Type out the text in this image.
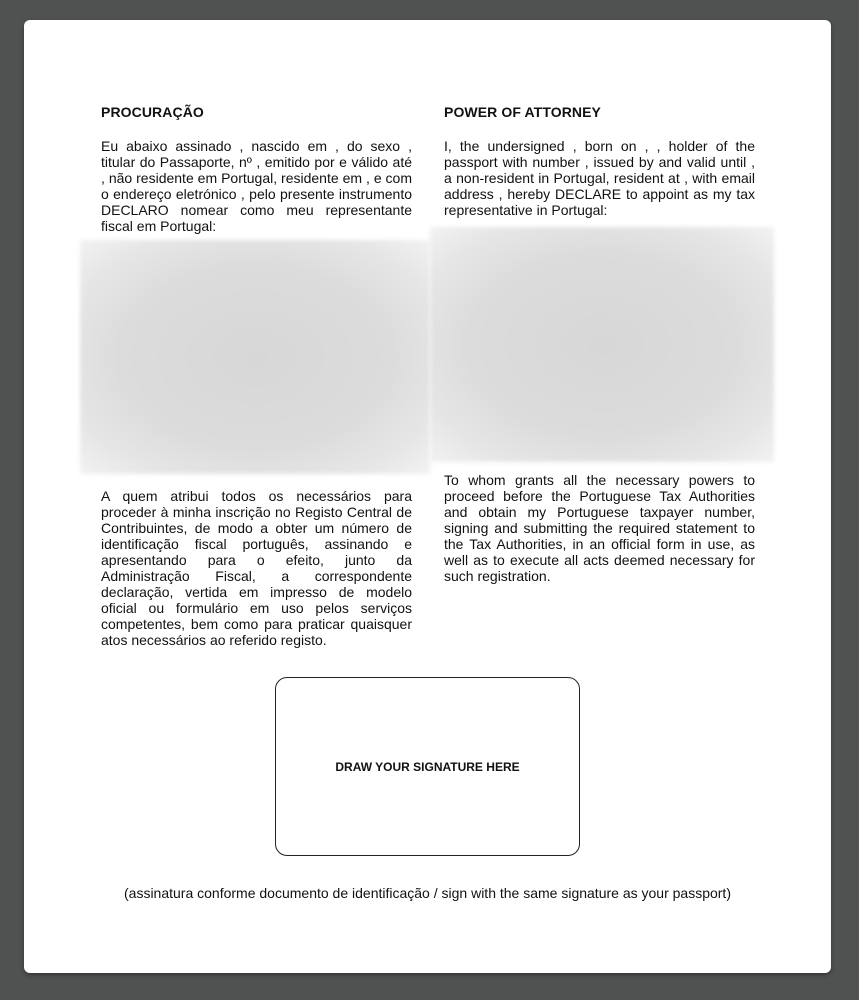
PROCURAÇÃO

Eu abaixo assinado , nascido em , do sexo , titular do Passaporte, nº , emitido por e válido até , não residente em Portugal, residente em , e com o endereço eletrónico , pelo presente instrumento DECLARO nomear como meu representante fiscal em Portugal:

POWER OF ATTORNEY

I, the undersigned , born on , , holder of the passport with number , issued by and valid until , a non-resident in Portugal, resident at , with email address , hereby DECLARE to appoint as my tax representative in Portugal:

A quem atribui todos os necessários para proceder à minha inscrição no Registo Central de Contribuintes, de modo a obter um número de identificação fiscal português, assinando e apresentando para o efeito, junto da Administração Fiscal, a correspondente declaração, vertida em impresso de modelo oficial ou formulário em uso pelos serviços competentes, bem como para praticar quaisquer atos necessários ao referido registo.

To whom grants all the necessary powers to proceed before the Portuguese Tax Authorities and obtain my Portuguese taxpayer number, signing and submitting the required statement to the Tax Authorities, in an official form in use, as well as to execute all acts deemed necessary for such registration.

DRAW YOUR SIGNATURE HERE
(assinatura conforme documento de identificação / sign with the same signature as your passport)
